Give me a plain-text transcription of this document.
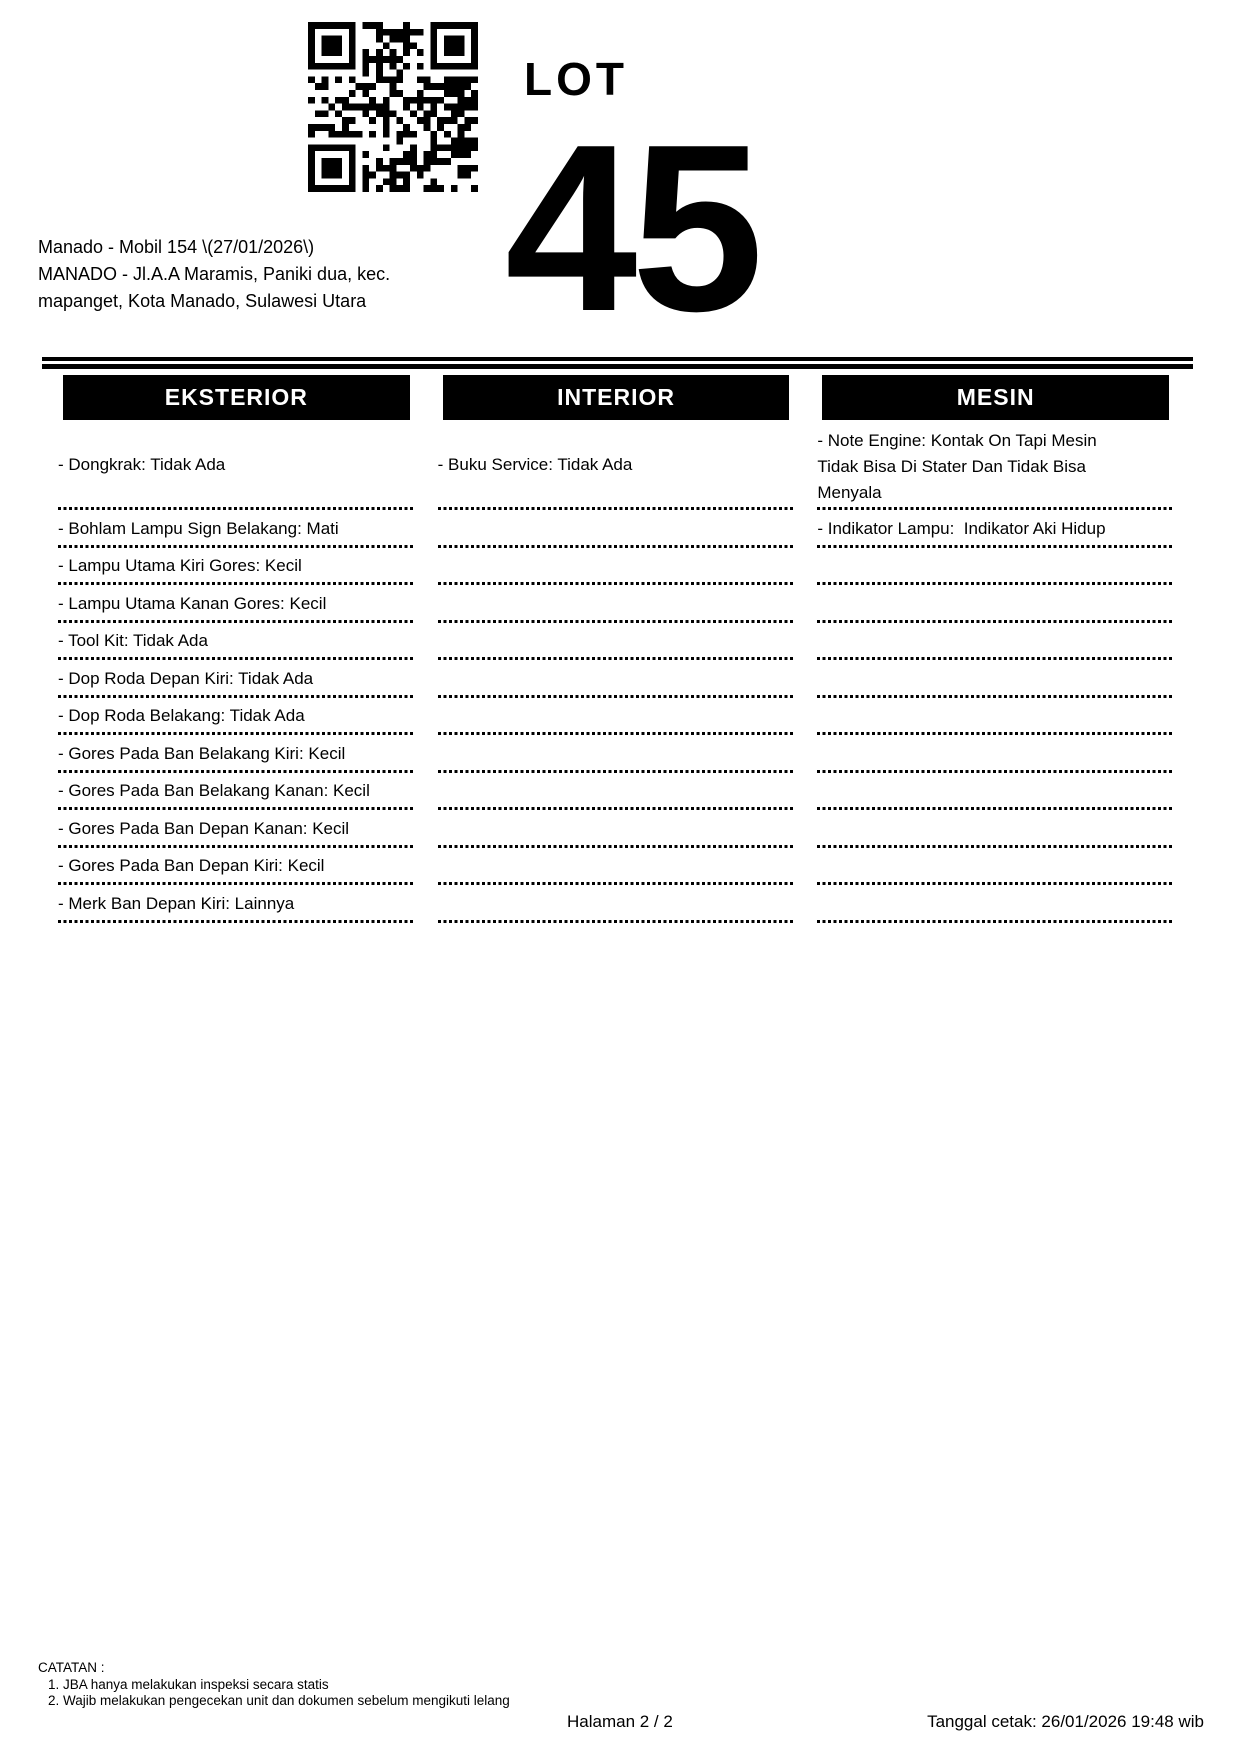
LOT
45
Manado - Mobil 154 \(27/01/2026\)
MANADO - Jl.A.A Maramis, Paniki dua, kec.
mapanget, Kota Manado, Sulawesi Utara
EKSTERIOR
- Dongkrak: Tidak Ada
- Bohlam Lampu Sign Belakang: Mati
- Lampu Utama Kiri Gores: Kecil
- Lampu Utama Kanan Gores: Kecil
- Tool Kit: Tidak Ada
- Dop Roda Depan Kiri: Tidak Ada
- Dop Roda Belakang: Tidak Ada
- Gores Pada Ban Belakang Kiri: Kecil
- Gores Pada Ban Belakang Kanan: Kecil
- Gores Pada Ban Depan Kanan: Kecil
- Gores Pada Ban Depan Kiri: Kecil
- Merk Ban Depan Kiri: Lainnya
INTERIOR
- Buku Service: Tidak Ada
MESIN
- Note Engine: Kontak On Tapi Mesin Tidak Bisa Di Stater Dan Tidak Bisa Menyala
- Indikator Lampu:  Indikator Aki Hidup
CATATAN :
1. JBA hanya melakukan inspeksi secara statis
2. Wajib melakukan pengecekan unit dan dokumen sebelum mengikuti lelang
Halaman 2 / 2	Tanggal cetak: 26/01/2026 19:48 wib
